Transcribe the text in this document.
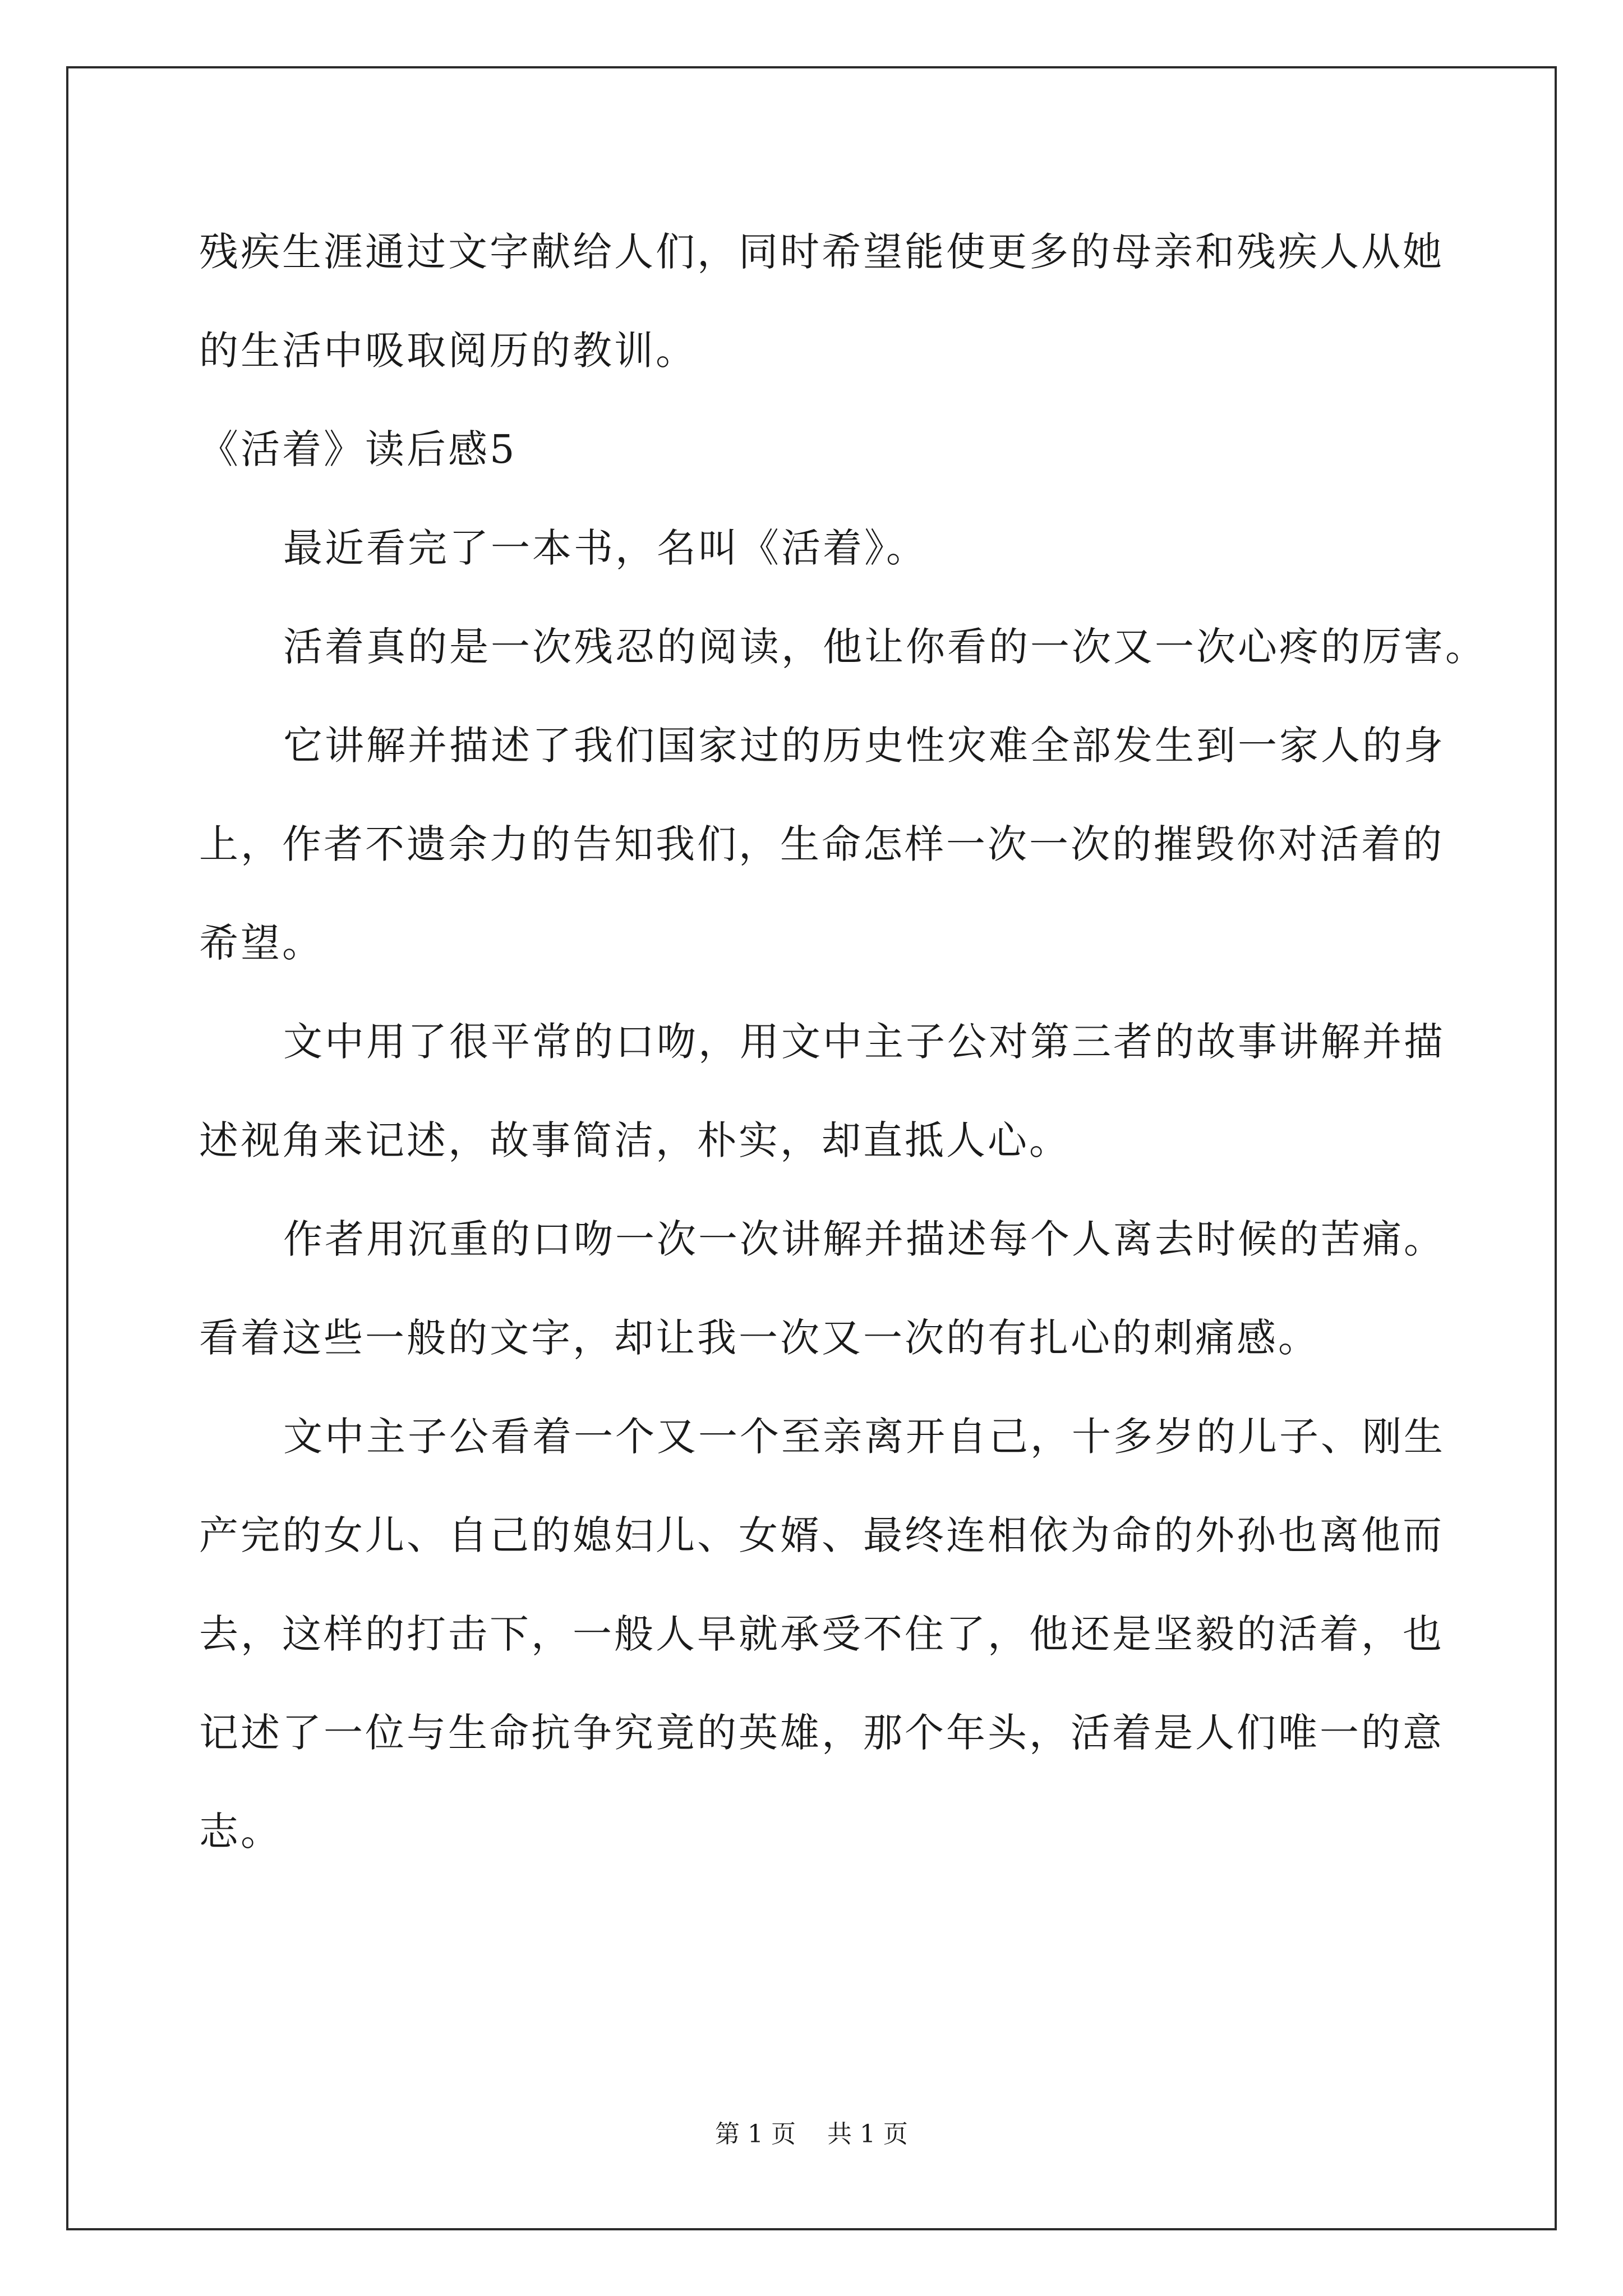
残疾生涯通过文字献给人们，同时希望能使更多的母亲和残疾人从她
的生活中吸取阅历的教训。
《活着》读后感5
最近看完了一本书，名叫《活着》。
活着真的是一次残忍的阅读，他让你看的一次又一次心疼的厉害。
它讲解并描述了我们国家过的历史性灾难全部发生到一家人的身
上，作者不遗余力的告知我们，生命怎样一次一次的摧毁你对活着的
希望。
文中用了很平常的口吻，用文中主子公对第三者的故事讲解并描
述视角来记述，故事简洁，朴实，却直抵人心。
作者用沉重的口吻一次一次讲解并描述每个人离去时候的苦痛。
看着这些一般的文字，却让我一次又一次的有扎心的刺痛感。
文中主子公看着一个又一个至亲离开自己，十多岁的儿子、刚生
产完的女儿、自己的媳妇儿、女婿、最终连相依为命的外孙也离他而
去，这样的打击下，一般人早就承受不住了，他还是坚毅的活着，也
记述了一位与生命抗争究竟的英雄，那个年头，活着是人们唯一的意
志。
第 1 页    共 1 页
